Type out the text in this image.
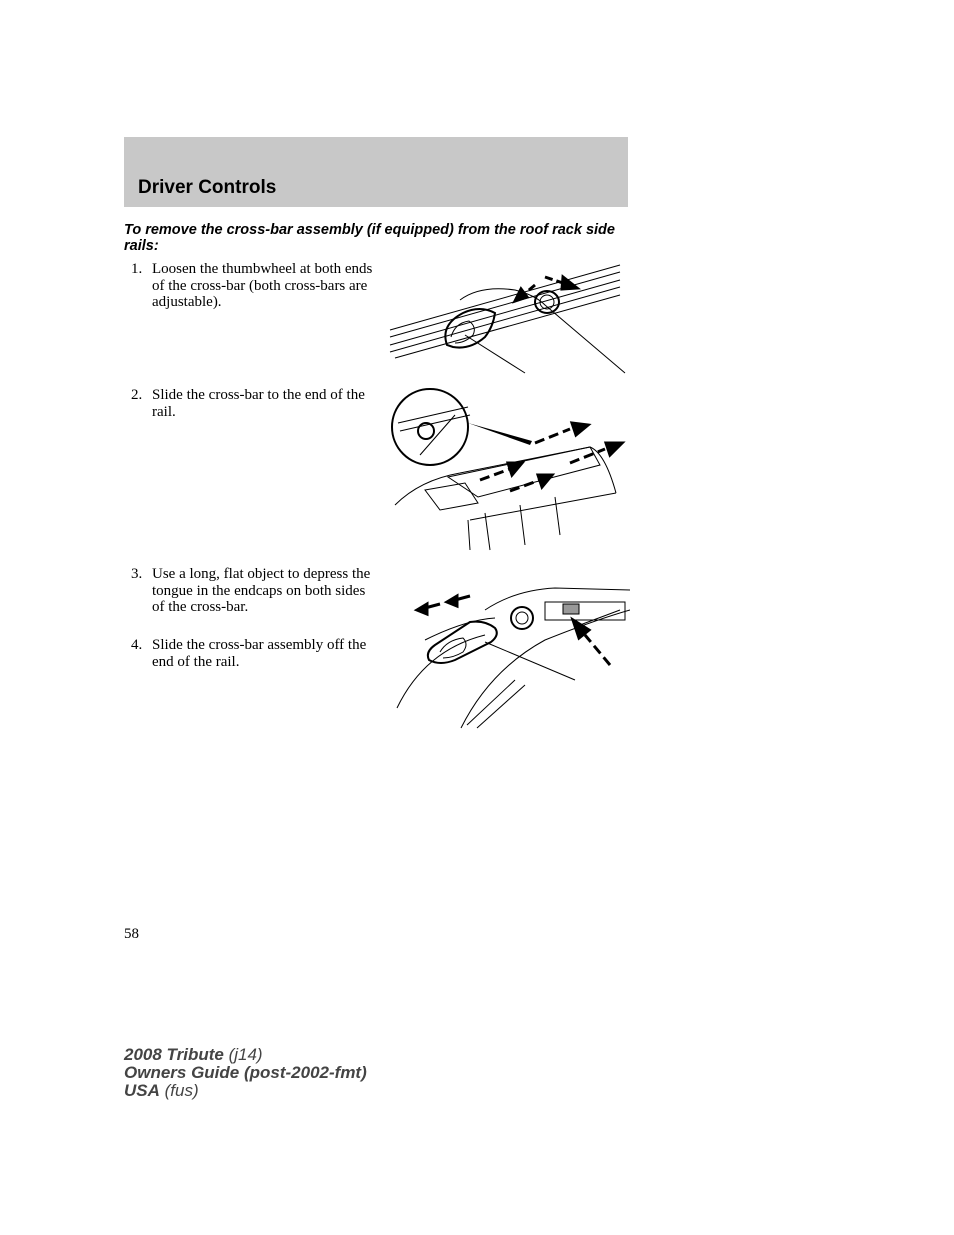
Driver Controls

To remove the cross-bar assembly (if equipped) from the roof rack side rails:

1. Loosen the thumbwheel at both ends of the cross-bar (both cross-bars are adjustable).
2. Slide the cross-bar to the end of the rail.
3. Use a long, flat object to depress the tongue in the endcaps on both sides of the cross-bar.
4. Slide the cross-bar assembly off the end of the rail.
58
2008 Tribute (j14)
Owners Guide (post-2002-fmt)
USA (fus)
